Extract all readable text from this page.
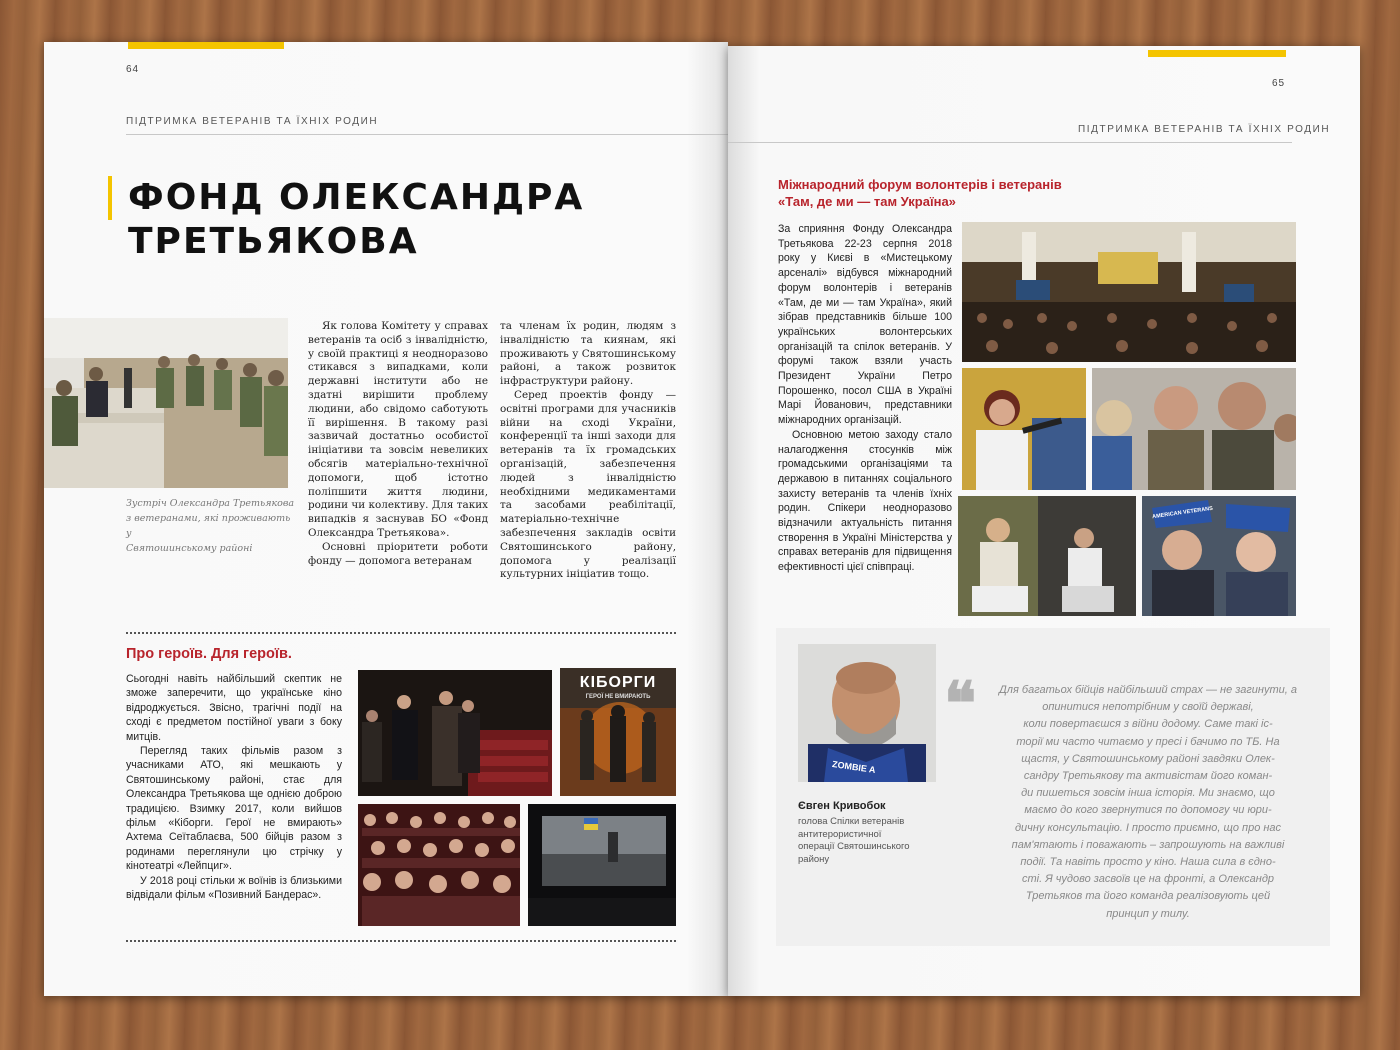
64
ПІДТРИМКА ВЕТЕРАНІВ ТА ЇХНІХ РОДИН
ФОНД ОЛЕКСАНДРА
ТРЕТЬЯКОВА
Зустріч Олександра Третьякова
з ветеранами, які проживають у
Святошинському районі

Як голова Комітету у справах ветеранів та осіб з інвалідністю, у своїй практиці я неодноразово стикався з випадками, коли державні інститути або не здатні вирішити проблему людини, або свідомо саботують її вирішення. В такому разі зазвичай достатньо особистої ініціативи та зовсім невеликих обсягів матеріально-технічної допомоги, щоб істотно поліпшити життя людини, родини чи колективу. Для таких випадків я заснував БО «Фонд Олександра Третьякова».

Основні пріоритети роботи фонду — допомога ветеранам

та членам їх родин, людям з інвалідністю та киянам, які проживають у Святошинському районі, а також розвиток інфраструктури району.

Серед проектів фонду — освітні програми для учасників війни на сході України, конференції та інші заходи для ветеранів та їх громадських організацій, забезпечення людей з інвалідністю необхідними медикаментами та засобами реабілітації, матеріально-технічне забезпечення закладів освіти Святошинського району, допомога у реалізації культурних ініціатив тощо.

Про героїв. Для героїв.

Сьогодні навіть найбільший скептик не зможе заперечити, що українське кіно відроджується. Звісно, трагічні події на сході є предметом постійної уваги з боку митців.

Перегляд таких фільмів разом з учасниками АТО, які мешкають у Святошинському районі, стає для Олександра Третьякова ще однією доброю традицією. Взимку 2017, коли вийшов фільм «Кіборги. Герої не вмирають» Ахтема Сеїтаблаєва, 500 бійців разом з родинами переглянули цю стрічку у кінотеатрі «Лейпциг».

У 2018 році стільки ж воїнів із близькими відвідали фільм «Позивний Бандерас».

КІБОРГИ
ГЕРОЇ НЕ ВМИРАЮТЬ
65
ПІДТРИМКА ВЕТЕРАНІВ ТА ЇХНІХ РОДИН
Міжнародний форум волонтерів і ветеранів
«Там, де ми — там Україна»

За сприяння Фонду Олександра Третьякова 22-23 серпня 2018 року у Києві в «Мистецькому арсеналі» відбувся міжнародний форум волонтерів і ветеранів «Там, де ми — там Україна», який зібрав представників більше 100 українських волонтерських організацій та спілок ветеранів. У форумі також взяли участь Президент України Петро Порошенко, посол США в Україні Марі Йованович, представники міжнародних організацій.

Основною метою заходу стало налагодження стосунків між громадськими організаціями та державою в питаннях соціального захисту ветеранів та членів їхніх родин. Спікери неодноразово відзначили актуальність питання створення в Україні Міністерства у справах ветеранів для підвищення ефективності цієї співпраці.

AMERICAN VETERANS
ZOMBIE A
Євген Кривобок
голова Спілки ветеранів
антитерористичної
операції Святошинського
району
❝	Для багатьох бійців найбільший страх — не загинути, а опинитися непотрібним у своїй державі,
коли повертаєшся з війни додому. Саме такі іс-
торії ми часто читаємо у пресі і бачимо по ТБ. На
щастя, у Святошинському районі завдяки Олек-
сандру Третьякову та активістам його коман-
ди пишеться зовсім інша історія. Ми знаємо, що
маємо до кого звернутися по допомогу чи юри-
дичну консультацію. І просто приємно, що про нас
пам'ятають і поважають – запрошують на важливі
події. Та навіть просто у кіно. Наша сила в єдно-
сті. Я чудово засвоїв це на фронті, а Олександр
Третьяков та його команда реалізовують цей
принцип у тилу.
